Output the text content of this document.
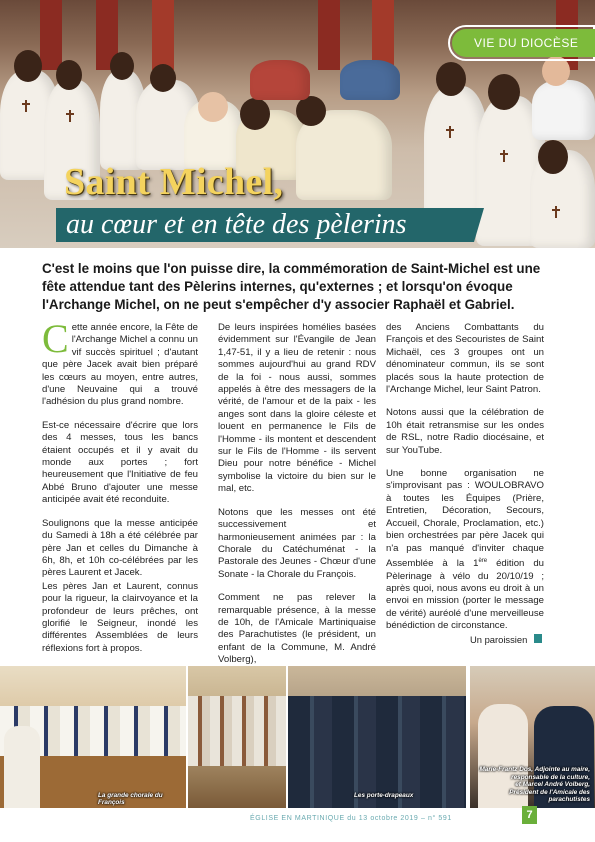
VIE DU DIOCÈSE
Saint Michel,
au cœur et en tête des pèlerins
C'est le moins que l'on puisse dire, la commémoration de Saint-Michel est une fête attendue tant des Pèlerins internes, qu'externes ; et lorsqu'on évoque l'Archange Michel, on ne peut s'empêcher d'y associer Raphaël et Gabriel.

Cette année encore, la Fête de l'Archange Michel a connu un vif succès spirituel ; d'autant que père Jacek avait bien préparé les cœurs au moyen, entre autres, d'une Neuvaine qui a trouvé l'adhésion du plus grand nombre.

Est-ce nécessaire d'écrire que lors des 4 messes, tous les bancs étaient occupés et il y avait du monde aux portes ; fort heureusement que l'Initiative de feu Abbé Bruno d'ajouter une messe anticipée avait été reconduite.

Soulignons que la messe anticipée du Samedi à 18h a été célébrée par père Jan et celles du Dimanche à 6h, 8h, et 10h co-célébrées par les pères Laurent et Jacek.

Les pères Jan et Laurent, connus pour la rigueur, la clairvoyance et la profondeur de leurs prêches, ont glorifié le Seigneur, inondé les différentes Assemblées de leurs réflexions fort à propos.

De leurs inspirées homélies basées évidemment sur l'Évangile de Jean 1,47-51, il y a lieu de retenir : nous sommes aujourd'hui au grand RDV de la foi - nous aussi, sommes appelés à être des messagers de la vérité, de l'amour et de la paix - les anges sont dans la gloire céleste et louent en permanence le Fils de l'Homme - ils montent et descendent sur le Fils de l'Homme - ils servent Dieu pour notre bénéfice - Michel symbolise la victoire du bien sur le mal, etc.

Notons que les messes ont été successivement et harmonieusement animées par : la Chorale du Catéchuménat - la Pastorale des Jeunes - Chœur d'une Sonate - la Chorale du François.

Comment ne pas relever la remarquable présence, à la messe de 10h, de l'Amicale Martiniquaise des Parachutistes (le président, un enfant de la Commune, M. André Volberg),

des Anciens Combattants du François et des Secouristes de Saint Michaël, ces 3 groupes ont un dénominateur commun, ils se sont placés sous la haute protection de l'Archange Michel, leur Saint Patron.

Notons aussi que la célébration de 10h était retransmise sur les ondes de RSL, notre Radio diocésaine, et sur YouTube.

Une bonne organisation ne s'improvisant pas : WOULOBRAVO à toutes les Équipes (Prière, Entretien, Décoration, Secours, Accueil, Chorale, Proclamation, etc.) bien orchestrées par père Jacek qui n'a pas manqué d'inviter chaque Assemblée à la 1ère édition du Pèlerinage à vélo du 20/10/19 ; après quoi, nous avons eu droit à un envoi en mission (porter le message de vérité) auréolé d'une merveilleuse bénédiction de circonstance.

Un paroissien
La grande chorale du François
Les porte-drapeaux
Marie-Frantz Dos, Adjointe au maire,
responsable de la culture,
et Marcel André Volberg,
Président de l'Amicale des parachutistes
ÉGLISE EN MARTINIQUE du 13 octobre 2019 – n° 591	7
